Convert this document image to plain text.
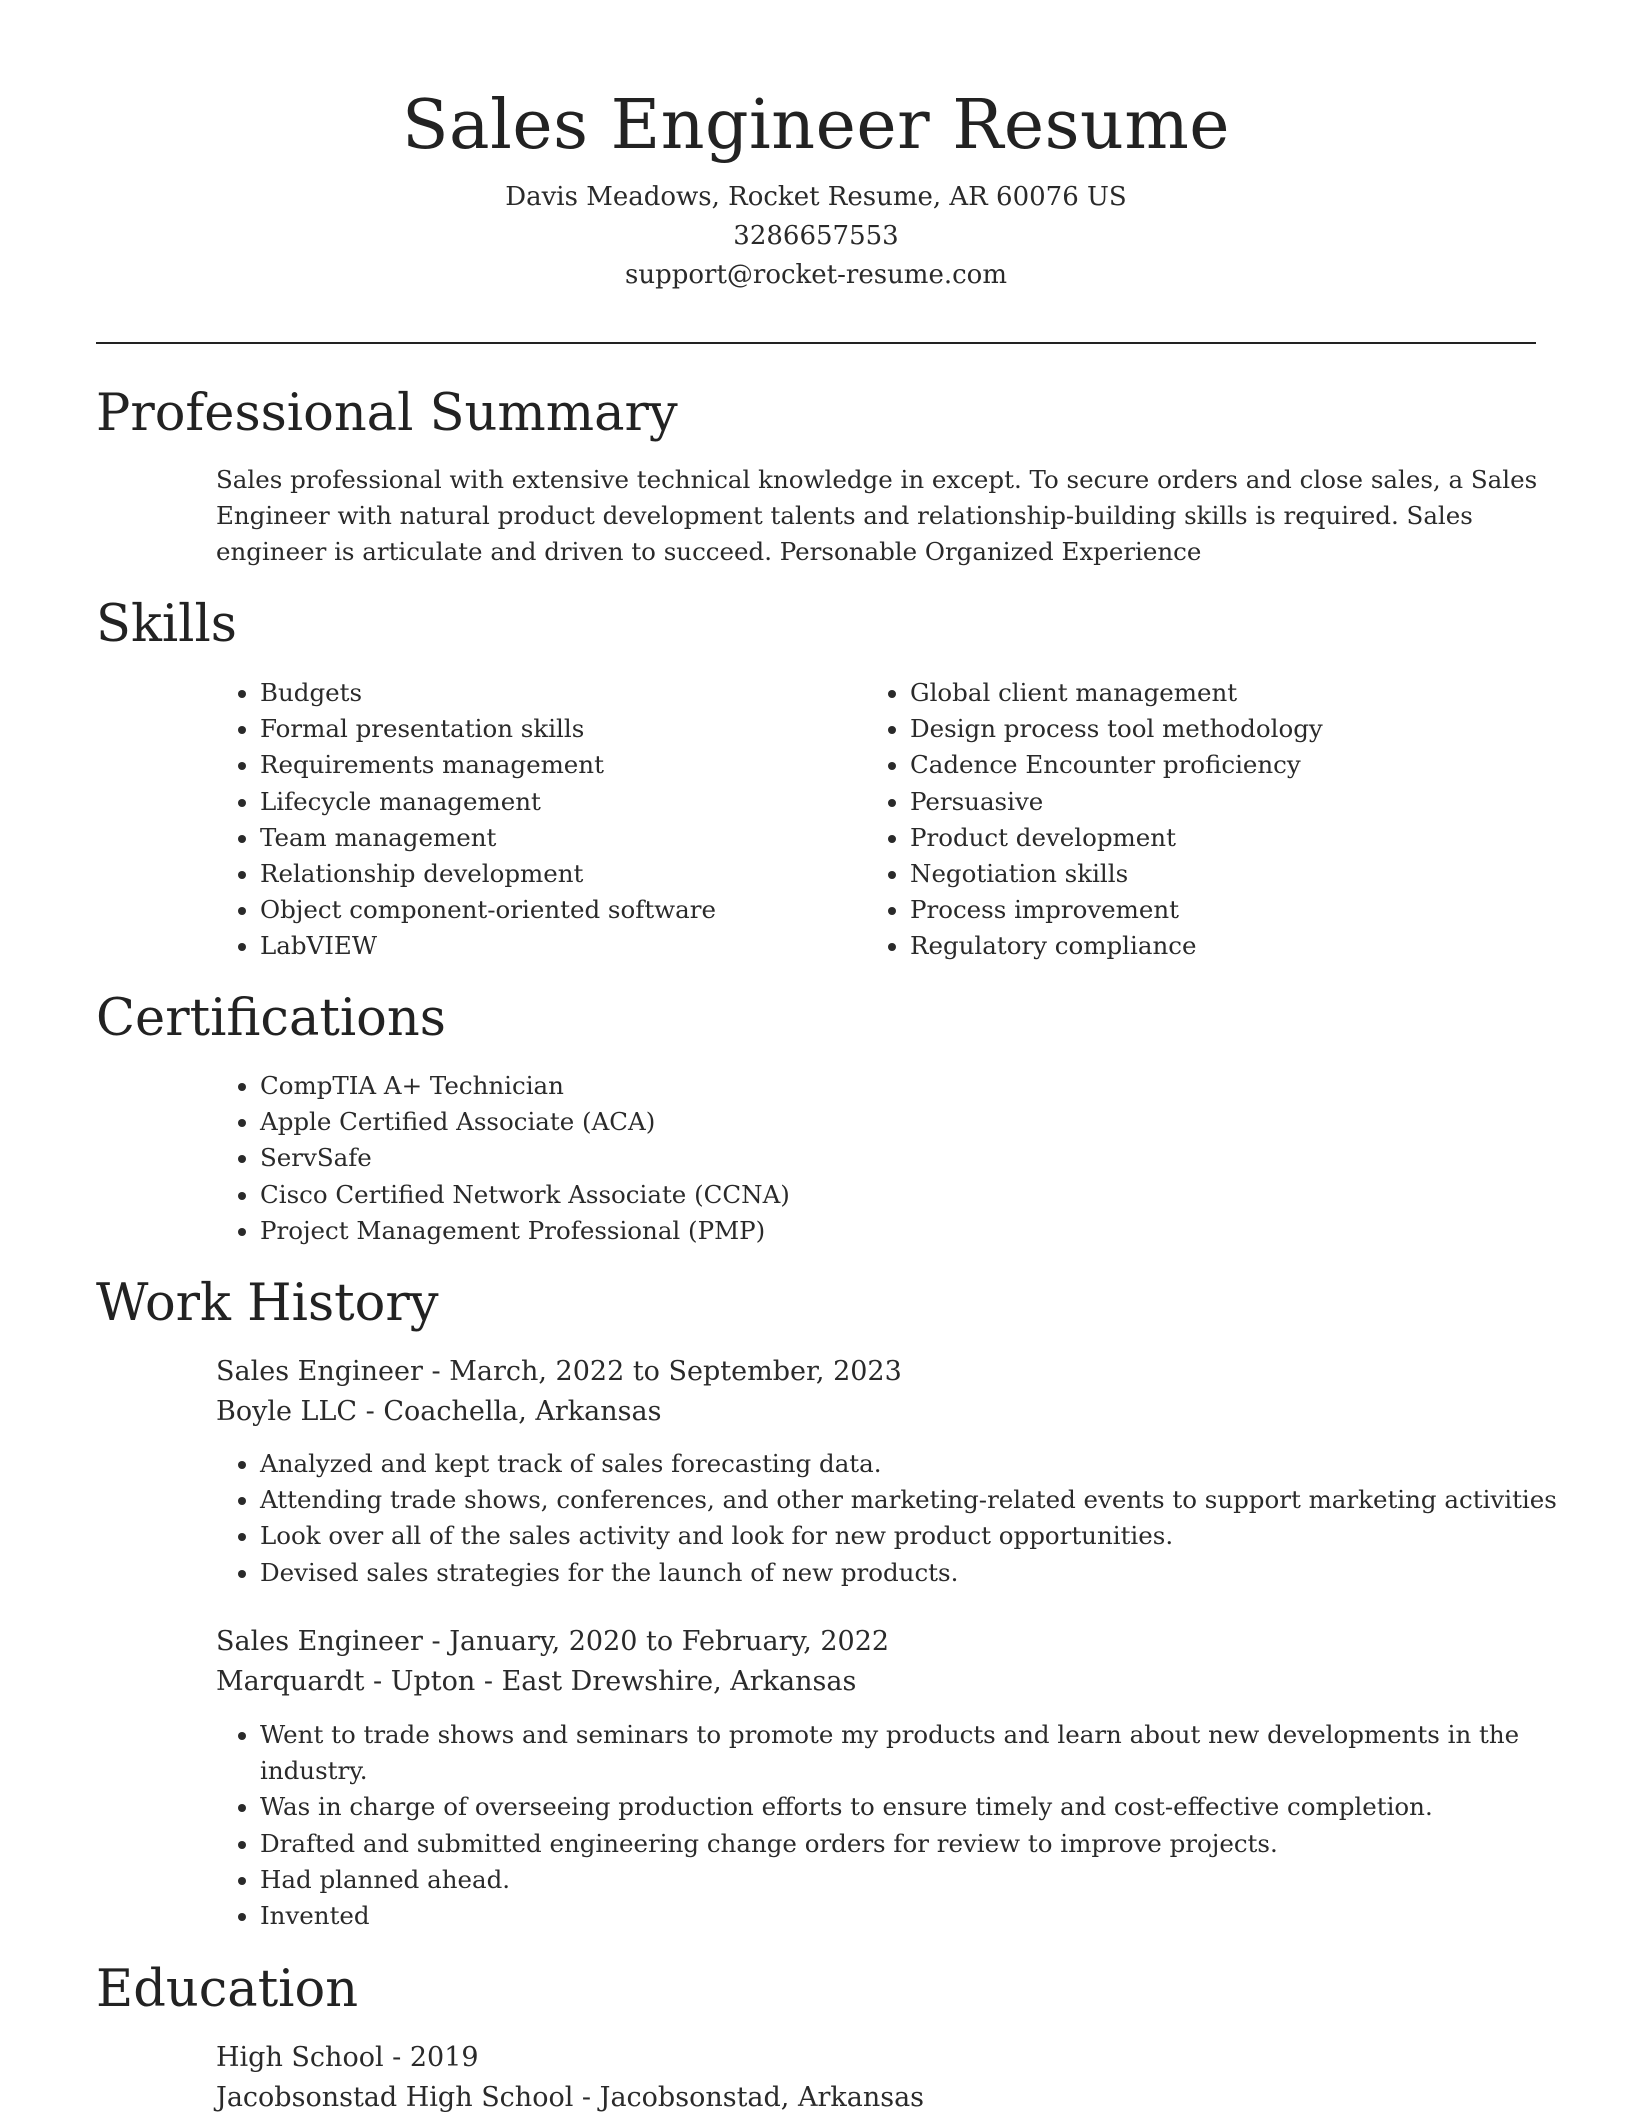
Sales Engineer Resume
Davis Meadows, Rocket Resume, AR 60076 US
3286657553
support@rocket-resume.com
Professional Summary

Sales professional with extensive technical knowledge in except. To secure orders and close sales, a Sales Engineer with natural product development talents and relationship-building skills is required. Sales engineer is articulate and driven to succeed. Personable Organized Experience

Skills
• Budgets
• Formal presentation skills
• Requirements management
• Lifecycle management
• Team management
• Relationship development
• Object component-oriented software
• LabVIEW
• Global client management
• Design process tool methodology
• Cadence Encounter proficiency
• Persuasive
• Product development
• Negotiation skills
• Process improvement
• Regulatory compliance
Certifications
• CompTIA A+ Technician
• Apple Certified Associate (ACA)
• ServSafe
• Cisco Certified Network Associate (CCNA)
• Project Management Professional (PMP)
Work History
Sales Engineer - March, 2022 to September, 2023
Boyle LLC - Coachella, Arkansas
• Analyzed and kept track of sales forecasting data.
• Attending trade shows, conferences, and other marketing-related events to support marketing activities
• Look over all of the sales activity and look for new product opportunities.
• Devised sales strategies for the launch of new products.
Sales Engineer - January, 2020 to February, 2022
Marquardt - Upton - East Drewshire, Arkansas
• Went to trade shows and seminars to promote my products and learn about new developments in the industry.
• Was in charge of overseeing production efforts to ensure timely and cost-effective completion.
• Drafted and submitted engineering change orders for review to improve projects.
• Had planned ahead.
• Invented
Education
High School - 2019
Jacobsonstad High School - Jacobsonstad, Arkansas
